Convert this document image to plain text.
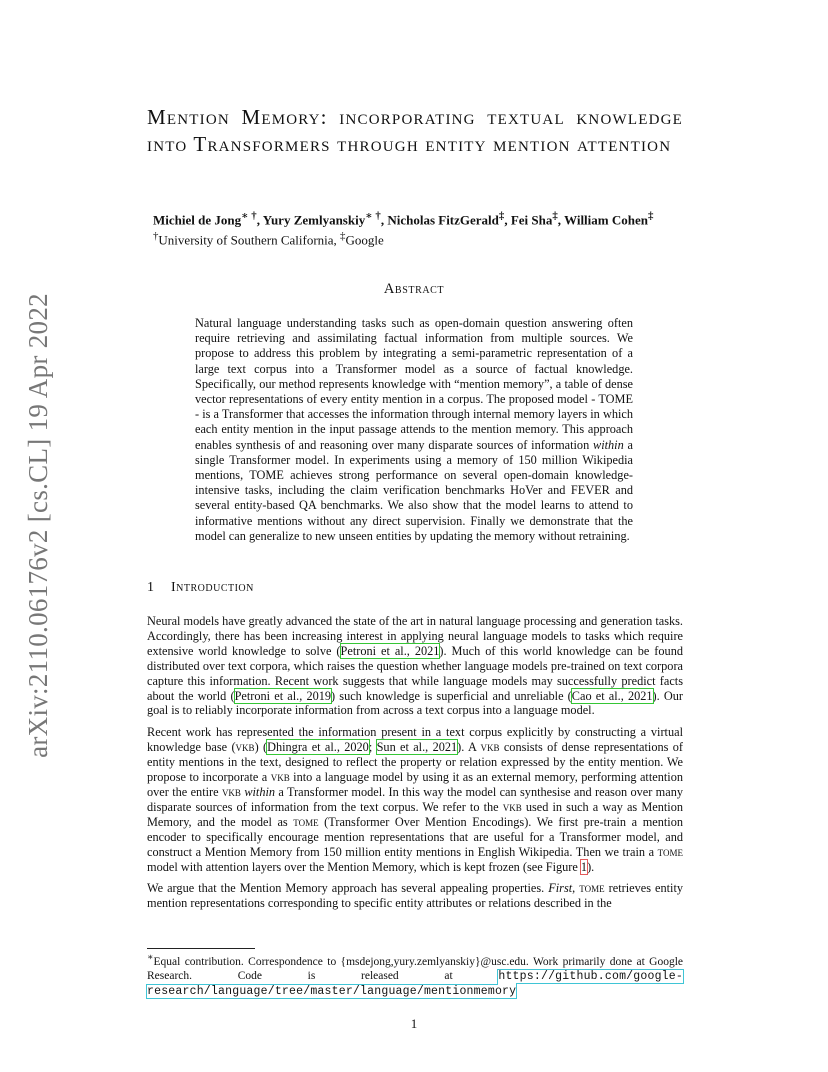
arXiv:2110.06176v2 [cs.CL] 19 Apr 2022
Mention Memory: incorporating textual knowledge into Transformers through entity mention attention
Michiel de Jong∗ †, Yury Zemlyanskiy∗ †, Nicholas FitzGerald‡, Fei Sha‡, William Cohen‡
†University of Southern California, ‡Google
Abstract
Natural language understanding tasks such as open-domain question answering often require retrieving and assimilating factual information from multiple sources. We propose to address this problem by integrating a semi-parametric representation of a large text corpus into a Transformer model as a source of factual knowledge. Specifically, our method represents knowledge with “mention memory”, a table of dense vector representations of every entity mention in a corpus. The proposed model - TOME - is a Transformer that accesses the information through internal memory layers in which each entity mention in the input passage attends to the mention memory. This approach enables synthesis of and reasoning over many disparate sources of information within a single Transformer model. In experiments using a memory of 150 million Wikipedia mentions, TOME achieves strong performance on several open-domain knowledge-intensive tasks, including the claim verification benchmarks HoVer and FEVER and several entity-based QA benchmarks. We also show that the model learns to attend to informative mentions without any direct supervision. Finally we demonstrate that the model can generalize to new unseen entities by updating the memory without retraining.
1 Introduction

Neural models have greatly advanced the state of the art in natural language processing and generation tasks. Accordingly, there has been increasing interest in applying neural language models to tasks which require extensive world knowledge to solve (Petroni et al., 2021). Much of this world knowledge can be found distributed over text corpora, which raises the question whether language models pre-trained on text corpora capture this information. Recent work suggests that while language models may successfully predict facts about the world (Petroni et al., 2019) such knowledge is superficial and unreliable (Cao et al., 2021). Our goal is to reliably incorporate information from across a text corpus into a language model.

Recent work has represented the information present in a text corpus explicitly by constructing a virtual knowledge base (vkb) (Dhingra et al., 2020; Sun et al., 2021). A vkb consists of dense representations of entity mentions in the text, designed to reflect the property or relation expressed by the entity mention. We propose to incorporate a vkb into a language model by using it as an external memory, performing attention over the entire vkb within a Transformer model. In this way the model can synthesise and reason over many disparate sources of information from the text corpus. We refer to the vkb used in such a way as Mention Memory, and the model as tome (Transformer Over Mention Encodings). We first pre-train a mention encoder to specifically encourage mention representations that are useful for a Transformer model, and construct a Mention Memory from 150 million entity mentions in English Wikipedia. Then we train a tome model with attention layers over the Mention Memory, which is kept frozen (see Figure 1).

We argue that the Mention Memory approach has several appealing properties. First, tome retrieves entity mention representations corresponding to specific entity attributes or relations described in the

∗Equal contribution. Correspondence to {msdejong,yury.zemlyanskiy}@usc.edu. Work primarily done at Google Research. Code is released at https://github.com/google-research/language/tree/master/language/mentionmemory
1
